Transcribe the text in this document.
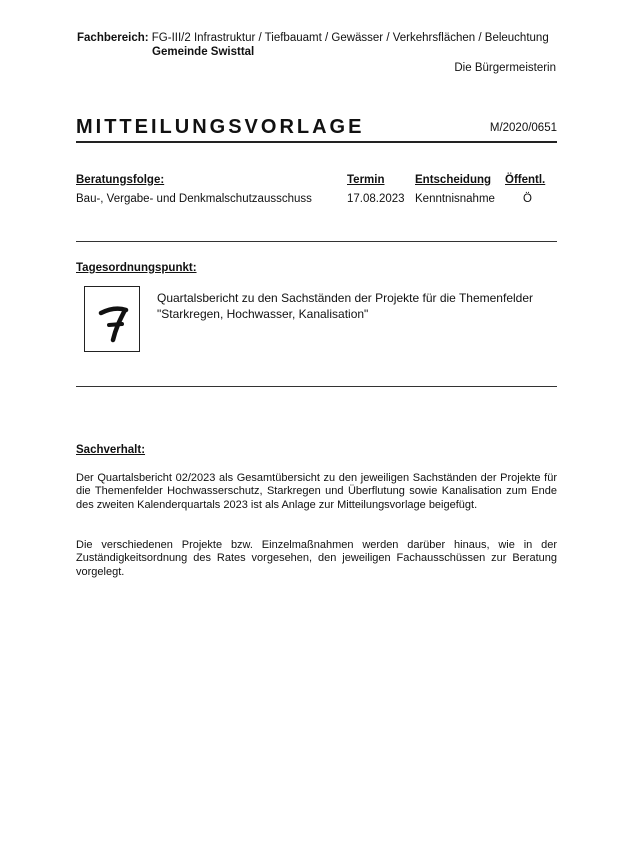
Fachbereich: FG-III/2 Infrastruktur / Tiefbauamt / Gewässer / Verkehrsflächen / Beleuchtung
Gemeinde Swisttal
Die Bürgermeisterin
MITTEILUNGSVORLAGE	M/2020/0651
Beratungsfolge:	Termin	Entscheidung Öffentl.
Bau-, Vergabe- und Denkmalschutzausschuss	17.08.2023 Kenntnisnahme Ö
Tagesordnungspunkt:
Quartalsbericht zu den Sachständen der Projekte für die Themenfelder
"Starkregen, Hochwasser, Kanalisation"
Sachverhalt:
Der Quartalsbericht 02/2023 als Gesamtübersicht zu den jeweiligen Sachständen der Projekte für die Themenfelder Hochwasserschutz, Starkregen und Überflutung sowie Kanalisation zum Ende des zweiten Kalenderquartals 2023 ist als Anlage zur Mitteilungsvorlage beigefügt.
Die verschiedenen Projekte bzw. Einzelmaßnahmen werden darüber hinaus, wie in der Zuständigkeitsordnung des Rates vorgesehen, den jeweiligen Fachausschüssen zur Beratung vorgelegt.
